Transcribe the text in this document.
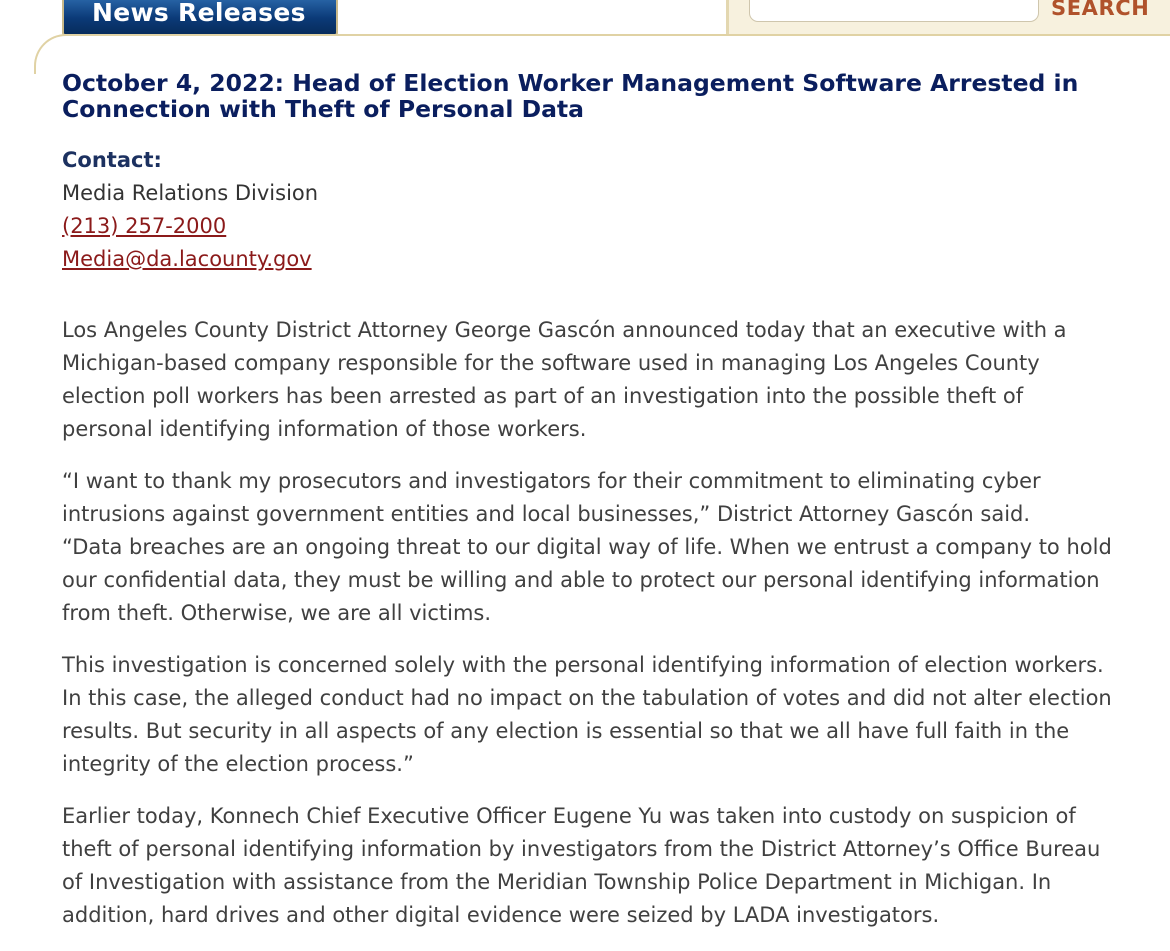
News Releases	SEARCH
October 4, 2022: Head of Election Worker Management Software Arrested in
Connection with Theft of Personal Data
Contact:
Media Relations Division
(213) 257-2000
Media@da.lacounty.gov

Los Angeles County District Attorney George Gascón announced today that an executive with a
Michigan-based company responsible for the software used in managing Los Angeles County
election poll workers has been arrested as part of an investigation into the possible theft of
personal identifying information of those workers.

“I want to thank my prosecutors and investigators for their commitment to eliminating cyber
intrusions against government entities and local businesses,” District Attorney Gascón said.
“Data breaches are an ongoing threat to our digital way of life. When we entrust a company to hold
our confidential data, they must be willing and able to protect our personal identifying information
from theft. Otherwise, we are all victims.

This investigation is concerned solely with the personal identifying information of election workers.
In this case, the alleged conduct had no impact on the tabulation of votes and did not alter election
results. But security in all aspects of any election is essential so that we all have full faith in the
integrity of the election process.”

Earlier today, Konnech Chief Executive Officer Eugene Yu was taken into custody on suspicion of
theft of personal identifying information by investigators from the District Attorney’s Office Bureau
of Investigation with assistance from the Meridian Township Police Department in Michigan. In
addition, hard drives and other digital evidence were seized by LADA investigators.
